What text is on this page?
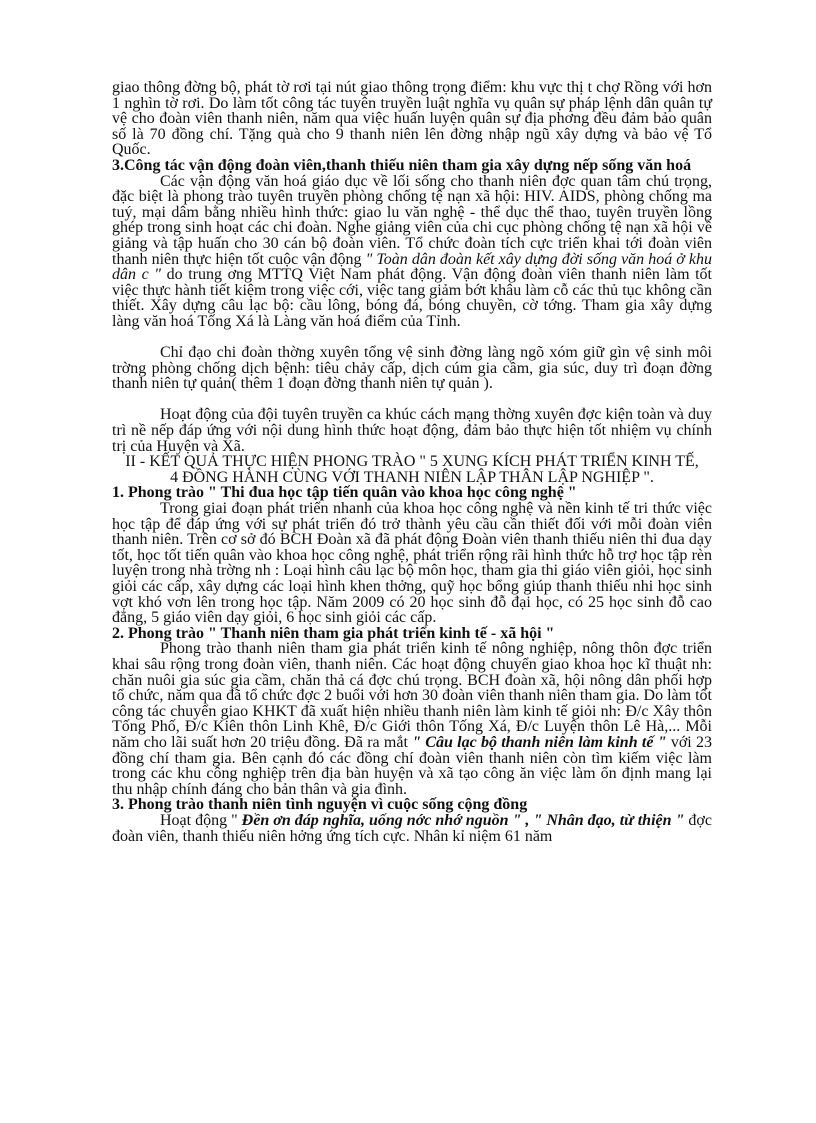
giao thông đờng bộ, phát tờ rơi tại nút giao thông trọng điểm: khu vực thị t chợ Rồng với hơn 1 nghìn tờ rơi. Do làm tốt công tác tuyên truyền luật nghĩa vụ quân sự pháp lệnh dân quân tự vệ cho đoàn viên thanh niên, năm qua việc huấn luyện quân sự địa phơng đều đảm bảo quân số là 70 đồng chí. Tặng quà cho 9 thanh niên lên đờng nhập ngũ xây dựng và bảo vệ Tổ Quốc.

3.Công tác vận động đoàn viên,thanh thiếu niên tham gia xây dựng nếp sống văn hoá

Các vận động văn hoá giáo dục về lối sống cho thanh niên đợc quan tâm chú trọng, đặc biệt là phong trào tuyên truyền phòng chống tệ nạn xã hội: HIV. AIDS, phòng chống ma tuý, mại dâm bằng nhiều hình thức: giao lu văn nghệ - thể dục thể thao, tuyên truyền lồng ghép trong sinh hoạt các chi đoàn. Nghe giảng viên của chi cục phòng chống tệ nạn xã hội về giảng và tập huấn cho 30 cán bộ đoàn viên. Tổ chức đoàn tích cực triển khai tới đoàn viên thanh niên thực hiện tốt cuộc vận động " Toàn dân đoàn kết xây dựng đời sống văn hoá ở khu dân c " do trung ơng MTTQ Việt Nam phát động. Vận động đoàn viên thanh niên làm tốt việc thực hành tiết kiệm trong việc cới, việc tang giảm bớt khâu làm cỗ các thủ tục không cần thiết. Xây dựng câu lạc bộ: cầu lông, bóng đá, bóng chuyền, cờ tớng. Tham gia xây dựng làng văn hoá Tống Xá là Làng văn hoá điểm của Tỉnh.

Chỉ đạo chi đoàn thờng xuyên tổng vệ sinh đờng làng ngõ xóm giữ gìn vệ sinh môi trờng phòng chống dịch bệnh: tiêu chảy cấp, dịch cúm gia cầm, gia súc, duy trì đoạn đờng thanh niên tự quản( thêm 1 đoạn đờng thanh niên tự quản ).

Hoạt động của đội tuyên truyền ca khúc cách mạng thờng xuyên đợc kiện toàn và duy trì nề nếp đáp ứng với nội dung hình thức hoạt động, đảm bảo thực hiện tốt nhiệm vụ chính trị của Huyện và Xã.

II - KẾT QUẢ THỰC HIỆN PHONG TRÀO " 5 XUNG KÍCH PHÁT TRIỂN KINH TẾ,

4 ĐỒNG HÀNH CÙNG VỚI THANH NIÊN LẬP THÂN LẬP NGHIỆP ".

1. Phong trào " Thi đua học tập tiến quân vào khoa học công nghệ "

Trong giai đoạn phát triển nhanh của khoa học công nghệ và nền kinh tế tri thức việc học tập để đáp ứng với sự phát triển đó trở thành yêu cầu cần thiết đối với mỗi đoàn viên thanh niên. Trên cơ sở đó BCH Đoàn xã đã phát động Đoàn viên thanh thiếu niên thi đua dạy tốt, học tốt tiến quân vào khoa học công nghệ, phát triển rộng rãi hình thức hỗ trợ học tập rèn luyện trong nhà trờng nh : Loại hình câu lạc bộ môn học, tham gia thi giáo viên giỏi, học sinh giỏi các cấp, xây dựng các loại hình khen thởng, quỹ học bổng giúp thanh thiếu nhi học sinh vợt khó vơn lên trong học tập. Năm 2009 có 20 học sinh đỗ đại học, có 25 học sinh đỗ cao đẳng, 5 giáo viên dạy giỏi, 6 học sinh giỏi các cấp.

2. Phong trào " Thanh niên tham gia phát triển kinh tế - xã hội "

Phong trào thanh niên tham gia phát triển kinh tế nông nghiệp, nông thôn đợc triển khai sâu rộng trong đoàn viên, thanh niên. Các hoạt động chuyển giao khoa học kĩ thuật nh: chăn nuôi gia súc gia cầm, chăn thả cá đợc chú trọng. BCH đoàn xã, hội nông dân phối hợp tổ chức, năm qua đã tổ chức đợc 2 buổi với hơn 30 đoàn viên thanh niên tham gia. Do làm tốt công tác chuyển giao KHKT đã xuất hiện nhiều thanh niên làm kinh tế giỏi nh: Đ/c Xây thôn Tống Phố, Đ/c Kiên thôn Linh Khê, Đ/c Giới thôn Tống Xá, Đ/c Luyện thôn Lê Hà,... Mỗi năm cho lãi suất hơn 20 triệu đồng. Đã ra mắt " Câu lạc bộ thanh niên làm kinh tế " với 23 đồng chí tham gia. Bên cạnh đó các đồng chí đoàn viên thanh niên còn tìm kiếm việc làm trong các khu công nghiệp trên địa bàn huyện và xã tạo công ăn việc làm ổn định mang lại thu nhập chính đáng cho bản thân và gia đình.

3. Phong trào thanh niên tình nguyện vì cuộc sống cộng đồng

Hoạt động " Đền ơn đáp nghĩa, uống nớc nhớ nguồn " , " Nhân đạo, từ thiện " đợc đoàn viên, thanh thiếu niên hởng ứng tích cực. Nhân kỉ niệm 61 năm
